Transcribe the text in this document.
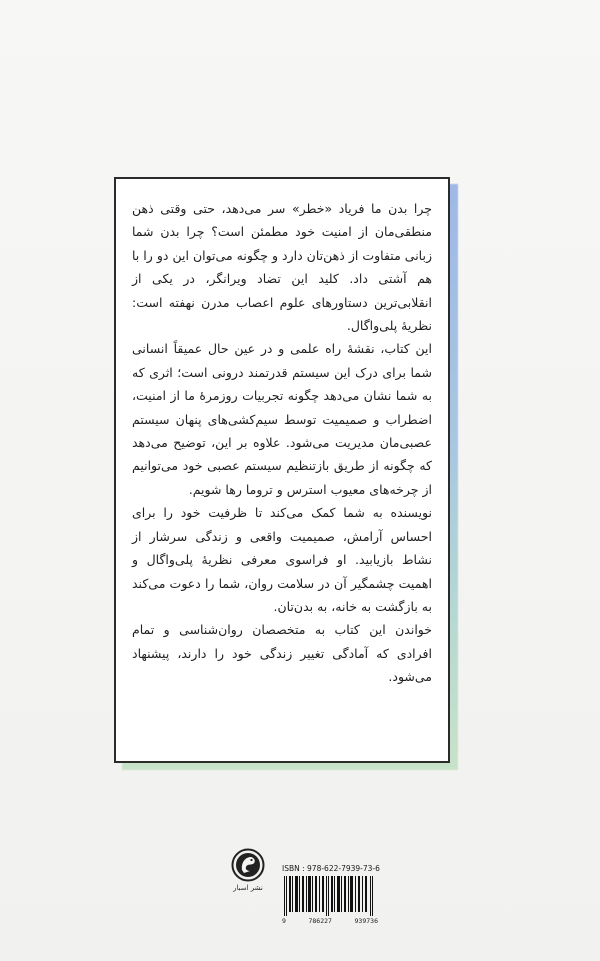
چرا بدن ما فریاد «خطر» سر می‌دهد، حتی وقتی ذهن منطقی‌مان از امنیت خود مطمئن است؟ چرا بدن شما زبانی متفاوت از ذهن‌تان دارد و چگونه می‌توان این دو را با هم آشتی داد. کلید این تضاد ویرانگر، در یکی از انقلابی‌ترین دستاورهای علوم اعصاب مدرن نهفته است: نظریهٔ پلی‌واگال.

این کتاب، نقشهٔ راه علمی و در عین حال عمیقاً انسانی شما برای درک این سیستم قدرتمند درونی است؛ اثری که به شما نشان می‌دهد چگونه تجربیات روزمرهٔ ما از امنیت، اضطراب و صمیمیت توسط سیم‌کشی‌های پنهان سیستم عصبی‌مان مدیریت می‌شود. علاوه بر این، توضیح می‌دهد که چگونه از طریق بازتنظیم سیستم عصبی خود می‌توانیم از چرخه‌های معیوب استرس و تروما رها شویم.

نویسنده به شما کمک می‌کند تا ظرفیت خود را برای احساس آرامش، صمیمیت واقعی و زندگی سرشار از نشاط بازیابید. او فراسوی معرفی نظریهٔ پلی‌واگال و اهمیت چشمگیر آن در سلامت روان، شما را دعوت می‌کند به بازگشت به خانه، به بدن‌تان.

خواندن این کتاب به متخصصان روان‌شناسی و تمام افرادی که آمادگی تغییر زندگی خود را دارند، پیشنهاد می‌شود.

نشر اسبار
ISBN : 978-622-7939-73-6
9	786227	939736
